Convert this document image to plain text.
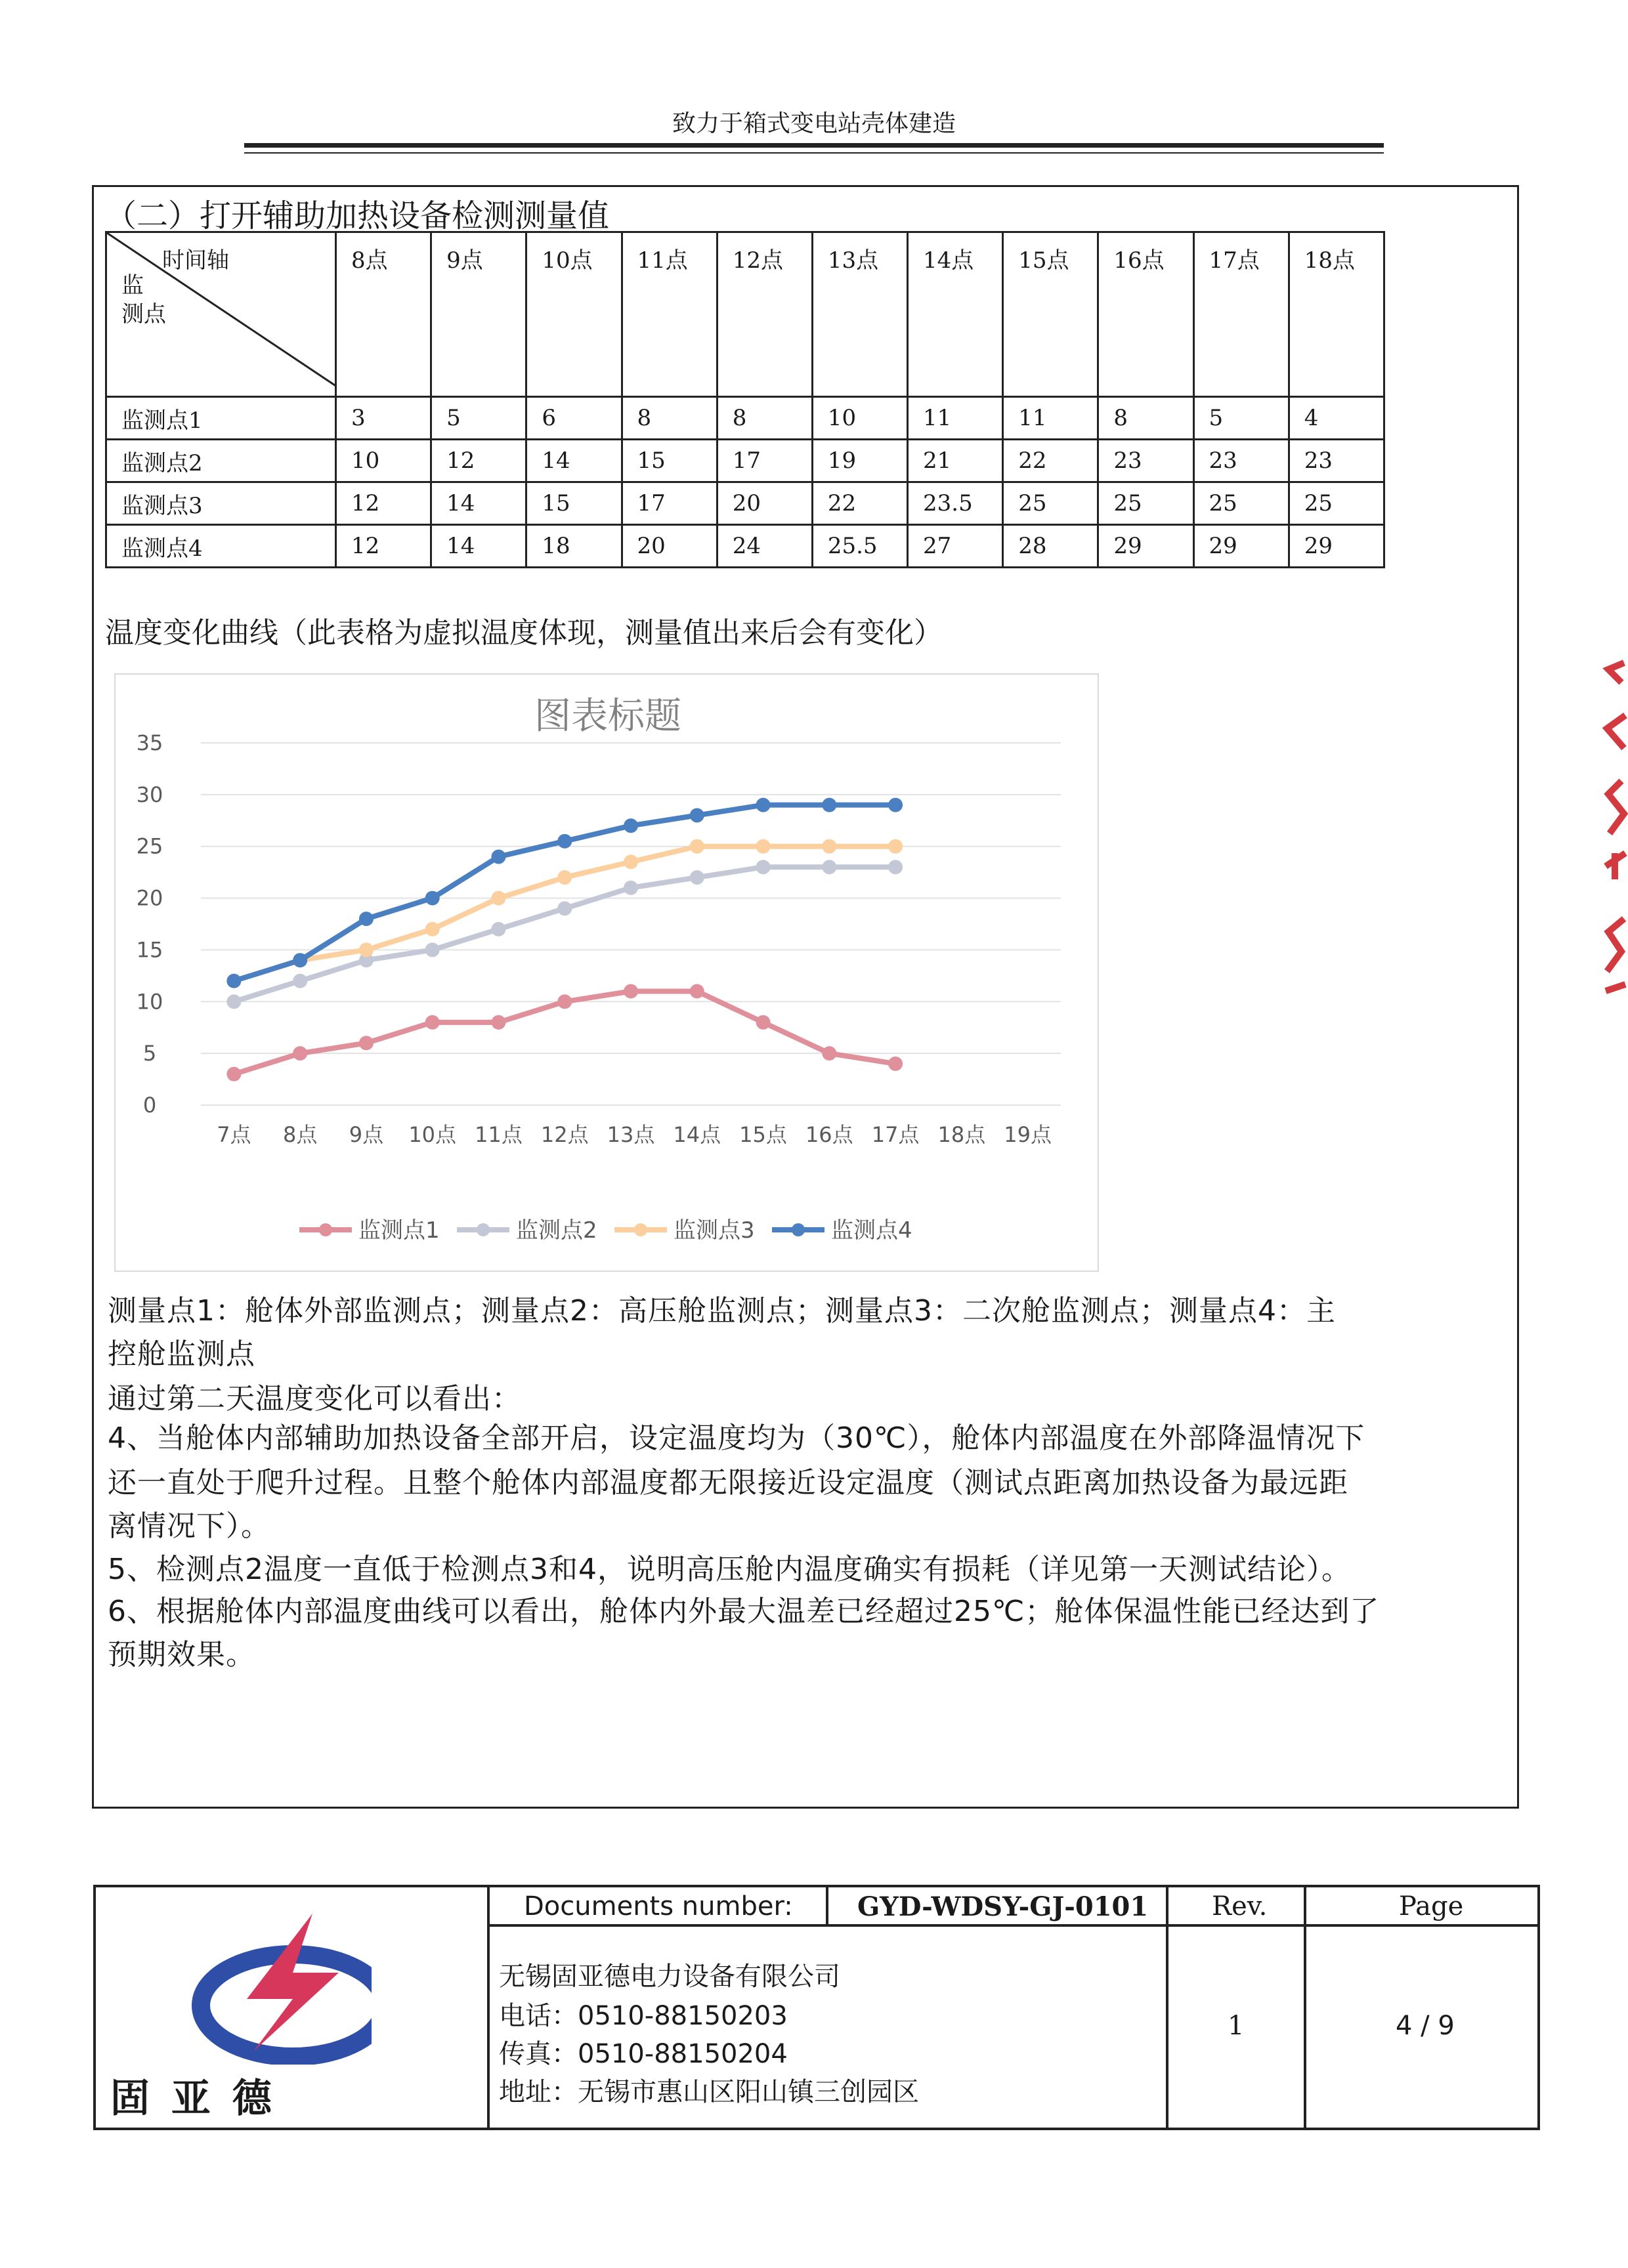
致力于箱式变电站壳体建造
（二）打开辅助加热设备检测测量值
时间轴
监
测点	8点	9点	10点	11点	12点	13点	14点	15点	16点	17点	18点
监测点1	3	5	6	8	8	10	11	11	8	5	4
监测点2	10	12	14	15	17	19	21	22	23	23	23
监测点3	12	14	15	17	20	22	23.5	25	25	25	25
监测点4	12	14	18	20	24	25.5	27	28	29	29	29
温度变化曲线（此表格为虚拟温度体现，测量值出来后会有变化）
图表标题
0
5
10
15
20
25
30
35
7点 8点 9点 10点 11点 12点 13点 14点 15点 16点 17点 18点 19点
监测点1	监测点2	监测点3	监测点4
测量点1：舱体外部监测点；测量点2：高压舱监测点；测量点3：二次舱监测点；测量点4：主
控舱监测点
通过第二天温度变化可以看出：
4、当舱体内部辅助加热设备全部开启，设定温度均为（30℃），舱体内部温度在外部降温情况下
还一直处于爬升过程。且整个舱体内部温度都无限接近设定温度（测试点距离加热设备为最远距
离情况下）。
5、检测点2温度一直低于检测点3和4，说明高压舱内温度确实有损耗（详见第一天测试结论）。
6、根据舱体内部温度曲线可以看出，舱体内外最大温差已经超过25℃；舱体保温性能已经达到了
预期效果。
固 亚 德
Documents number: GYD-WDSY-GJ-0101 Rev.	Page
无锡固亚德电力设备有限公司
电话：0510-88150203
传真：0510-88150204
地址：无锡市惠山区阳山镇三创园区
1	4 / 9
